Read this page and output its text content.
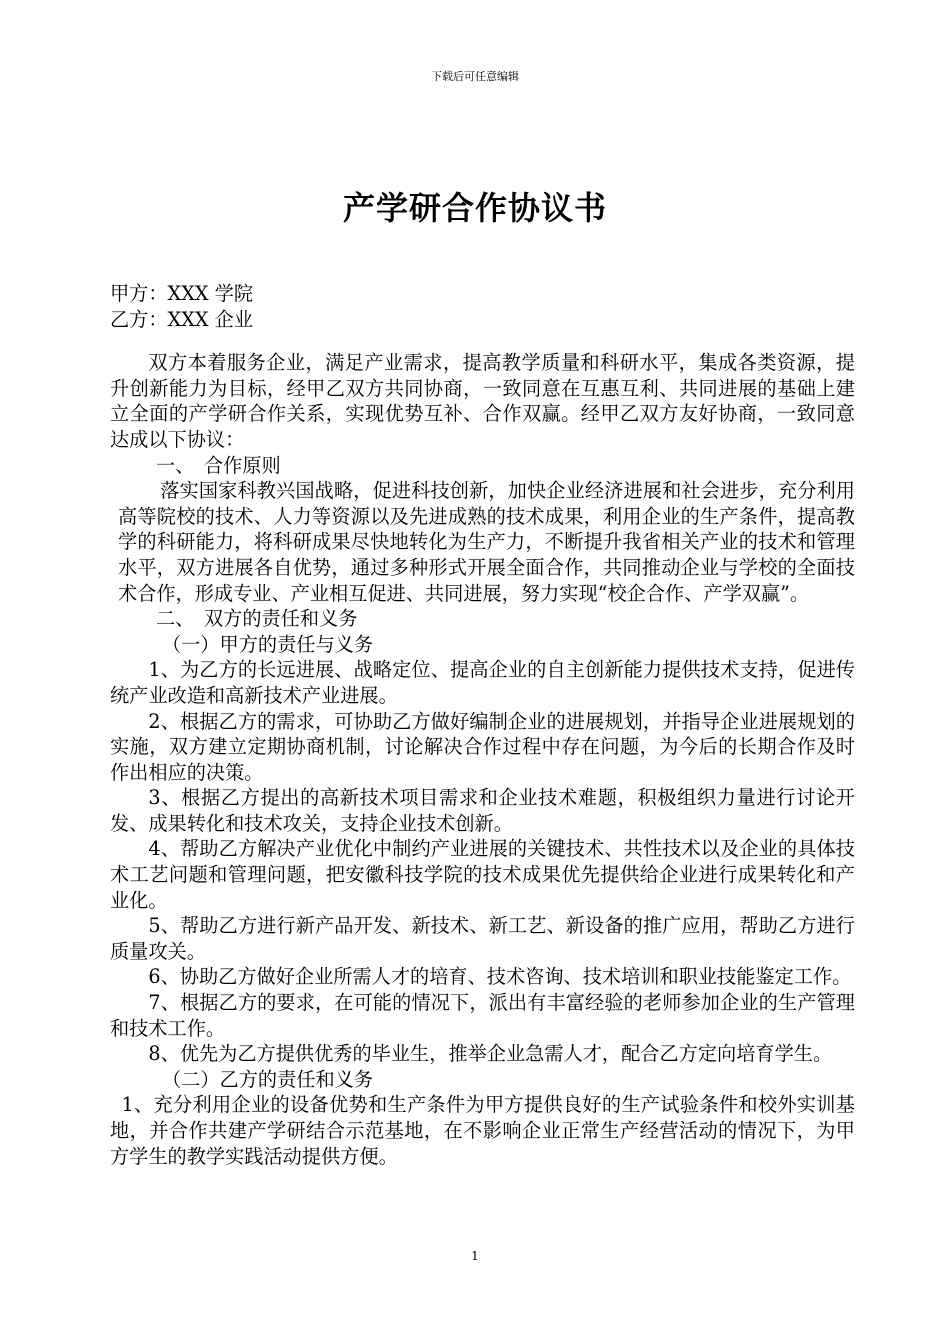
下载后可任意编辑
产学研合作协议书

甲方：XXX 学院

乙方：XXX 企业

双方本着服务企业，满足产业需求，提高教学质量和科研水平，集成各类资源，提升创新能力为目标，经甲乙双方共同协商，一致同意在互惠互利、共同进展的基础上建立全面的产学研合作关系，实现优势互补、合作双赢。经甲乙双方友好协商，一致同意达成以下协议：

一、　合作原则

落实国家科教兴国战略，促进科技创新，加快企业经济进展和社会进步，充分利用高等院校的技术、人力等资源以及先进成熟的技术成果，利用企业的生产条件，提高教学的科研能力，将科研成果尽快地转化为生产力，不断提升我省相关产业的技术和管理水平，双方进展各自优势，通过多种形式开展全面合作，共同推动企业与学校的全面技术合作，形成专业、产业相互促进、共同进展，努力实现“校企合作、产学双赢”。

二、　双方的责任和义务

（一）甲方的责任与义务

1、为乙方的长远进展、战略定位、提高企业的自主创新能力提供技术支持，促进传统产业改造和高新技术产业进展。

2、根据乙方的需求，可协助乙方做好编制企业的进展规划，并指导企业进展规划的实施，双方建立定期协商机制，讨论解决合作过程中存在问题，为今后的长期合作及时作出相应的决策。

3、根据乙方提出的高新技术项目需求和企业技术难题，积极组织力量进行讨论开发、成果转化和技术攻关，支持企业技术创新。

4、帮助乙方解决产业优化中制约产业进展的关键技术、共性技术以及企业的具体技术工艺问题和管理问题，把安徽科技学院的技术成果优先提供给企业进行成果转化和产业化。

5、帮助乙方进行新产品开发、新技术、新工艺、新设备的推广应用，帮助乙方进行质量攻关。

6、协助乙方做好企业所需人才的培育、技术咨询、技术培训和职业技能鉴定工作。

7、根据乙方的要求，在可能的情况下，派出有丰富经验的老师参加企业的生产管理和技术工作。

8、优先为乙方提供优秀的毕业生，推举企业急需人才，配合乙方定向培育学生。

（二）乙方的责任和义务

1、充分利用企业的设备优势和生产条件为甲方提供良好的生产试验条件和校外实训基地，并合作共建产学研结合示范基地，在不影响企业正常生产经营活动的情况下，为甲方学生的教学实践活动提供方便。

1
